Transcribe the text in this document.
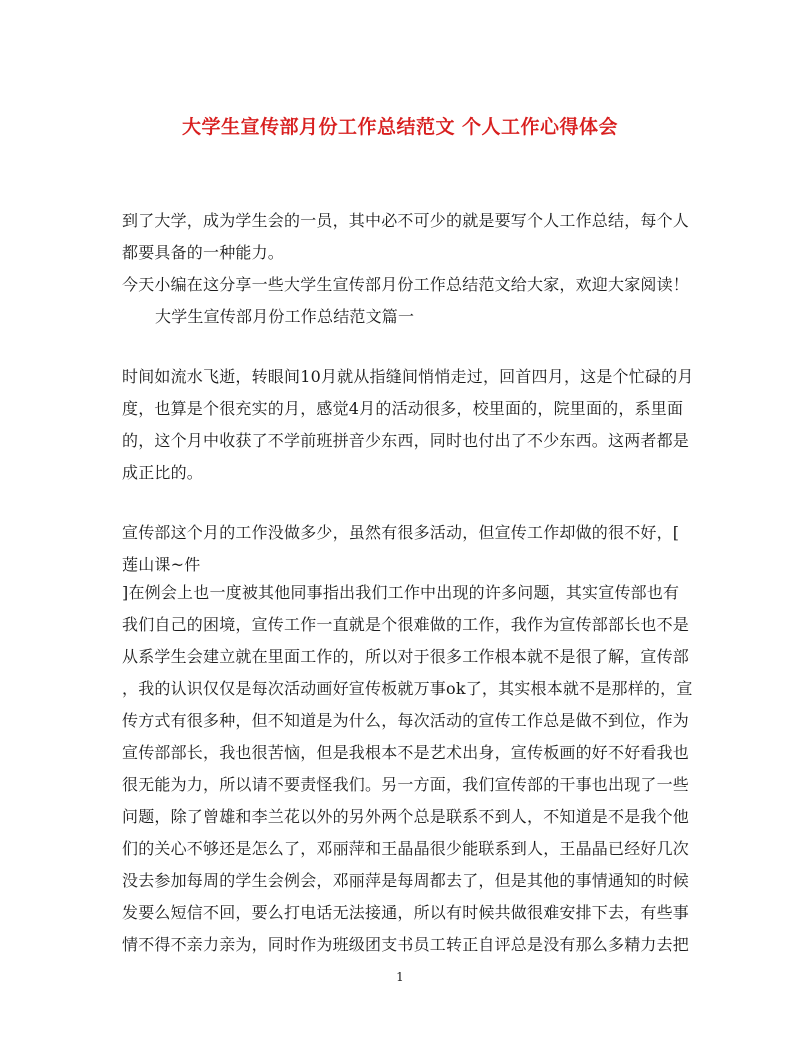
大学生宣传部月份工作总结范文 个人工作心得体会
到了大学，成为学生会的一员，其中必不可少的就是要写个人工作总结，每个人
都要具备的一种能力。
今天小编在这分享一些大学生宣传部月份工作总结范文给大家，欢迎大家阅读！
大学生宣传部月份工作总结范文篇一
时间如流水飞逝，转眼间10月就从指缝间悄悄走过，回首四月，这是个忙碌的月
度，也算是个很充实的月，感觉4月的活动很多，校里面的，院里面的，系里面
的，这个月中收获了不学前班拼音少东西，同时也付出了不少东西。这两者都是
成正比的。
宣传部这个月的工作没做多少，虽然有很多活动，但宣传工作却做的很不好，[
莲山课~件
]在例会上也一度被其他同事指出我们工作中出现的许多问题，其实宣传部也有
我们自己的困境，宣传工作一直就是个很难做的工作，我作为宣传部部长也不是
从系学生会建立就在里面工作的，所以对于很多工作根本就不是很了解，宣传部
，我的认识仅仅是每次活动画好宣传板就万事ok了，其实根本就不是那样的，宣
传方式有很多种，但不知道是为什么，每次活动的宣传工作总是做不到位，作为
宣传部部长，我也很苦恼，但是我根本不是艺术出身，宣传板画的好不好看我也
很无能为力，所以请不要责怪我们。另一方面，我们宣传部的干事也出现了一些
问题，除了曾雄和李兰花以外的另外两个总是联系不到人，不知道是不是我个他
们的关心不够还是怎么了，邓丽萍和王晶晶很少能联系到人，王晶晶已经好几次
没去参加每周的学生会例会，邓丽萍是每周都去了，但是其他的事情通知的时候
发要么短信不回，要么打电话无法接通，所以有时候共做很难安排下去，有些事
情不得不亲力亲为，同时作为班级团支书员工转正自评总是没有那么多精力去把
1
